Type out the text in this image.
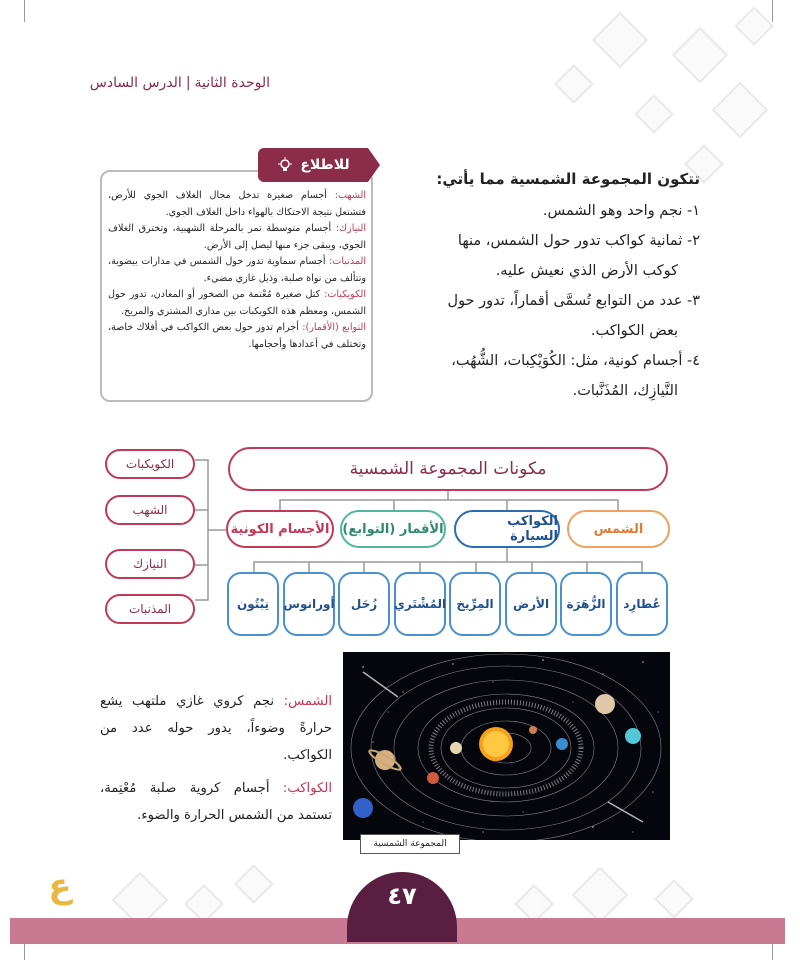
الوحدة الثانية|الدرس السادس
للاطلاع
الشهب: أجسام صغيرة تدخل مجال الغلاف الجوي للأرض، فتشتعل نتيجة الاحتكاك بالهواء داخل الغلاف الجوي.
النيازك: أجسام متوسطة تمر بالمرحلة الشهبية، وتخترق الغلاف الجوي، ويبقى جزء منها ليصل إلى الأرض.
المذنبات: أجسام سماوية تدور حول الشمس في مدارات بيضوية، وتتألف من نواة صلبة، وذيل غازي مضيء.
الكويكبات: كتل صغيرة مُعْتمة من الصخور أو المعادن، تدور حول الشمس، ومعظم هذه الكويكبات بين مداري المشتري والمريخ.
التوابع (الأقمار): أجرام تدور حول بعض الكواكب في أفلاك خاصة، وتختلف في أعدادها وأحجامها.
تتكون المجموعة الشمسية مما يأتي:
١- نجم واحد وهو الشمس.
٢- ثمانية كواكب تدور حول الشمس، منها
كوكب الأرض الذي نعيش عليه.
٣- عدد من التوابع تُسمَّى أقماراً، تدور حول
بعض الكواكب.
٤- أجسام كونية، مثل: الكُوَيْكِبات، الشُّهُب،
النَّيازِك، المُذَنَّبات.
مكونات المجموعة الشمسية
الشمس
الكواكب السيارة
الأقمار (التوابع)
الأجسام الكونية
عُطارِد
الزُّهَرَة
الأرض
المِرِّيخ
المُشْتَري
زُحَل
أورانوس
نِبْتُون
الكويكبات
الشهب
النيازك
المذنبات

الشمس: نجم كروي غازي ملتهب يشع حرارةً وضوءاً، يدور حوله عدد من الكواكب.

الكواكب: أجسام كروية صلبة مُعْتِمة، تستمد من الشمس الحرارة والضوء.

المجموعة الشمسية
٤٧
ع
